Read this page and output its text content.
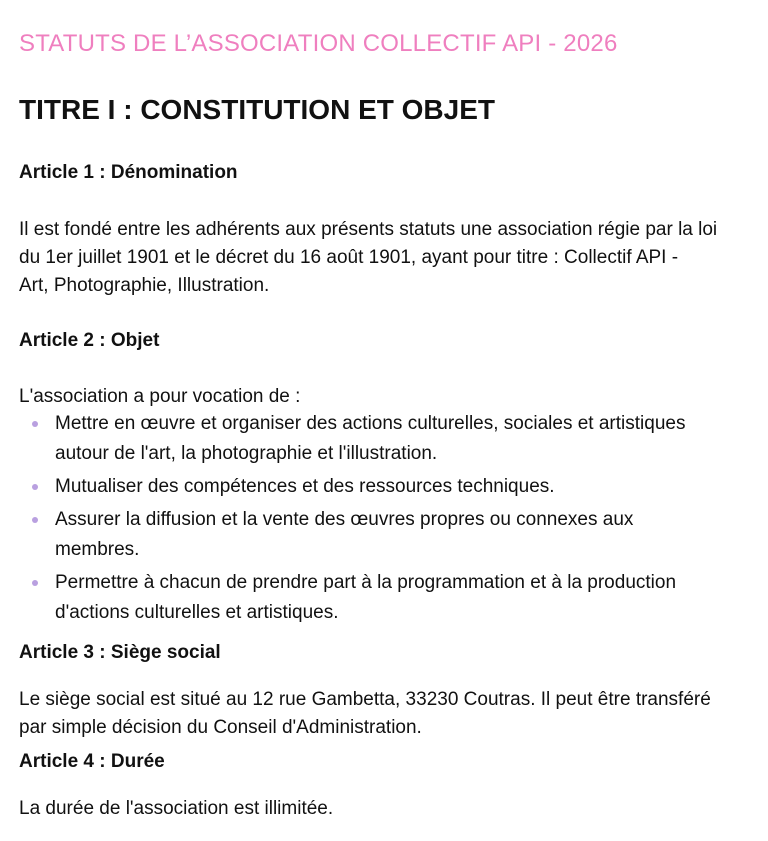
STATUTS DE L’ASSOCIATION COLLECTIF API - 2026
TITRE I : CONSTITUTION ET OBJET
Article 1 : Dénomination
Il est fondé entre les adhérents aux présents statuts une association régie par la loi
du 1er juillet 1901 et le décret du 16 août 1901, ayant pour titre : Collectif API -
Art, Photographie, Illustration.
Article 2 : Objet
L'association a pour vocation de :
Mettre en œuvre et organiser des actions culturelles, sociales et artistiques
autour de l'art, la photographie et l'illustration.
Mutualiser des compétences et des ressources techniques.
Assurer la diffusion et la vente des œuvres propres ou connexes aux
membres.
Permettre à chacun de prendre part à la programmation et à la production
d'actions culturelles et artistiques.
Article 3 : Siège social
Le siège social est situé au 12 rue Gambetta, 33230 Coutras. Il peut être transféré
par simple décision du Conseil d'Administration.
Article 4 : Durée
La durée de l'association est illimitée.
